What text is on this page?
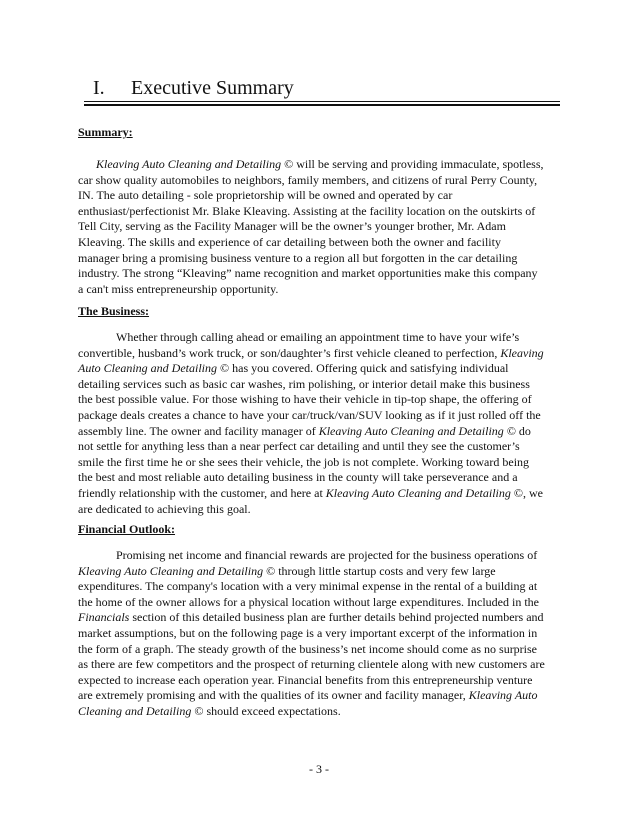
I. Executive Summary
Summary:
Kleaving Auto Cleaning and Detailing © will be serving and providing immaculate, spotless,
car show quality automobiles to neighbors, family members, and citizens of rural Perry County,
IN. The auto detailing - sole proprietorship will be owned and operated by car
enthusiast/perfectionist Mr. Blake Kleaving. Assisting at the facility location on the outskirts of
Tell City, serving as the Facility Manager will be the owner’s younger brother, Mr. Adam
Kleaving. The skills and experience of car detailing between both the owner and facility
manager bring a promising business venture to a region all but forgotten in the car detailing
industry. The strong “Kleaving” name recognition and market opportunities make this company
a can't miss entrepreneurship opportunity.
The Business:
Whether through calling ahead or emailing an appointment time to have your wife’s
convertible, husband’s work truck, or son/daughter’s first vehicle cleaned to perfection, Kleaving
Auto Cleaning and Detailing © has you covered. Offering quick and satisfying individual
detailing services such as basic car washes, rim polishing, or interior detail make this business
the best possible value. For those wishing to have their vehicle in tip-top shape, the offering of
package deals creates a chance to have your car/truck/van/SUV looking as if it just rolled off the
assembly line. The owner and facility manager of Kleaving Auto Cleaning and Detailing © do
not settle for anything less than a near perfect car detailing and until they see the customer’s
smile the first time he or she sees their vehicle, the job is not complete. Working toward being
the best and most reliable auto detailing business in the county will take perseverance and a
friendly relationship with the customer, and here at Kleaving Auto Cleaning and Detailing ©, we
are dedicated to achieving this goal.
Financial Outlook:
Promising net income and financial rewards are projected for the business operations of
Kleaving Auto Cleaning and Detailing © through little startup costs and very few large
expenditures. The company's location with a very minimal expense in the rental of a building at
the home of the owner allows for a physical location without large expenditures. Included in the
Financials section of this detailed business plan are further details behind projected numbers and
market assumptions, but on the following page is a very important excerpt of the information in
the form of a graph. The steady growth of the business’s net income should come as no surprise
as there are few competitors and the prospect of returning clientele along with new customers are
expected to increase each operation year. Financial benefits from this entrepreneurship venture
are extremely promising and with the qualities of its owner and facility manager, Kleaving Auto
Cleaning and Detailing © should exceed expectations.
- 3 -
